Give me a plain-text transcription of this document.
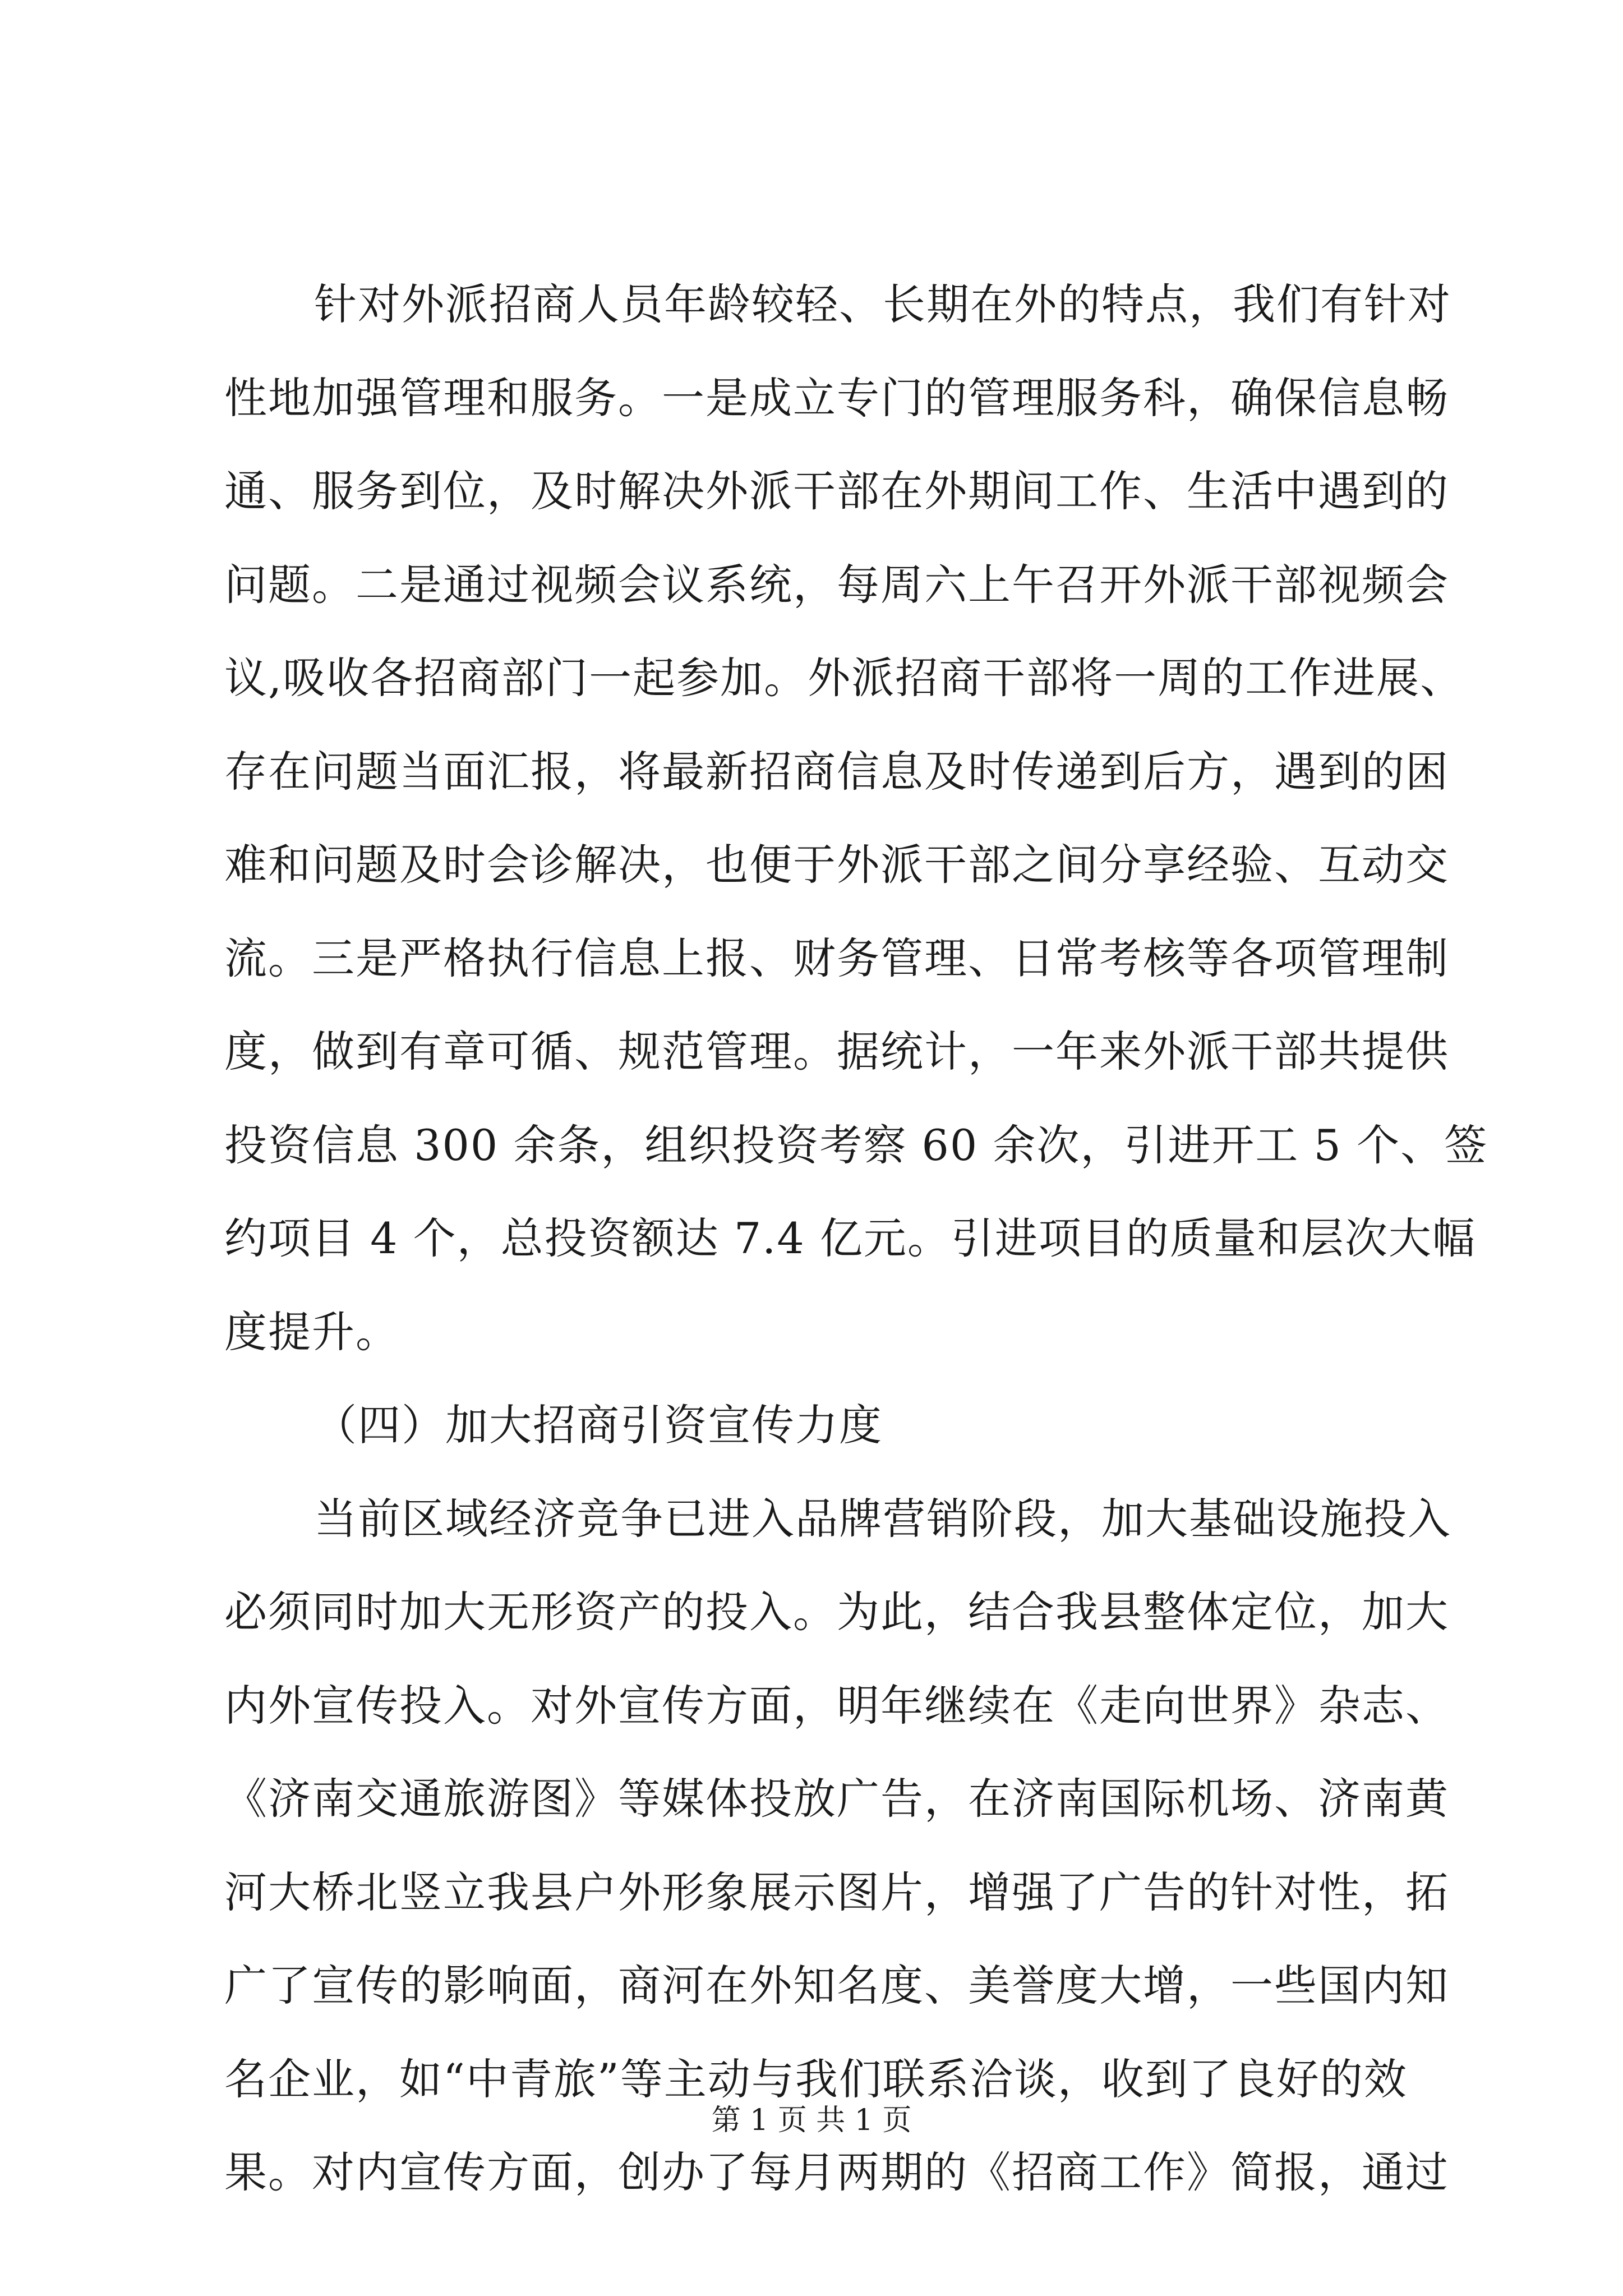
针对外派招商人员年龄较轻、长期在外的特点，我们有针对
性地加强管理和服务。一是成立专门的管理服务科，确保信息畅
通、服务到位，及时解决外派干部在外期间工作、生活中遇到的
问题。二是通过视频会议系统，每周六上午召开外派干部视频会
议,吸收各招商部门一起参加。外派招商干部将一周的工作进展、
存在问题当面汇报，将最新招商信息及时传递到后方，遇到的困
难和问题及时会诊解决，也便于外派干部之间分享经验、互动交
流。三是严格执行信息上报、财务管理、日常考核等各项管理制
度，做到有章可循、规范管理。据统计，一年来外派干部共提供
投资信息 300 余条，组织投资考察 60 余次，引进开工 5 个、签
约项目 4 个，总投资额达 7.4 亿元。引进项目的质量和层次大幅
度提升。
（四）加大招商引资宣传力度
当前区域经济竞争已进入品牌营销阶段，加大基础设施投入
必须同时加大无形资产的投入。为此，结合我县整体定位，加大
内外宣传投入。对外宣传方面，明年继续在《走向世界》杂志、
《济南交通旅游图》等媒体投放广告，在济南国际机场、济南黄
河大桥北竖立我县户外形象展示图片，增强了广告的针对性，拓
广了宣传的影响面，商河在外知名度、美誉度大增，一些国内知
名企业，如“中青旅”等主动与我们联系洽谈，收到了良好的效
果。对内宣传方面，创办了每月两期的《招商工作》简报，通过
第 1 页 共 1 页
